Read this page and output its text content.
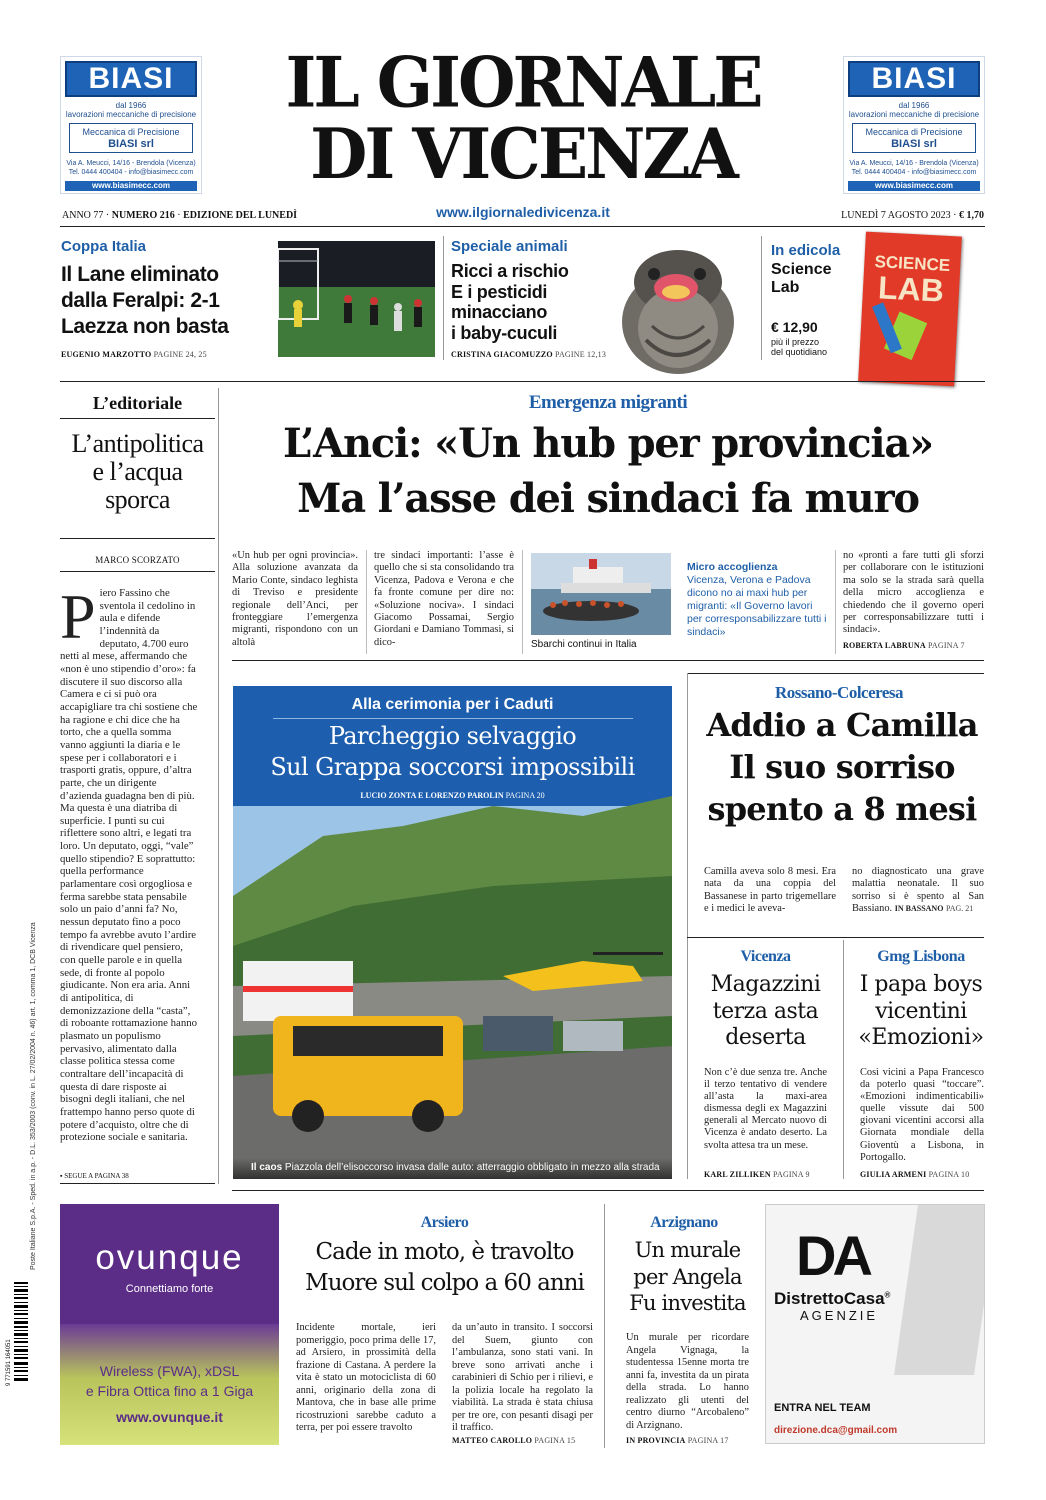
BIASI
dal 1966
lavorazioni meccaniche di precisione
Meccanica di Precisione
BIASI srl
Via A. Meucci, 14/16 - Brendola (Vicenza)
Tel. 0444 400404 - info@biasimecc.com
www.biasimecc.com
BIASI
dal 1966
lavorazioni meccaniche di precisione
Meccanica di Precisione
BIASI srl
Via A. Meucci, 14/16 - Brendola (Vicenza)
Tel. 0444 400404 - info@biasimecc.com
www.biasimecc.com
IL GIORNALE
DI VICENZA
www.ilgiornaledivicenza.it
ANNO 77 · NUMERO 216 · EDIZIONE DEL LUNEDÌ	LUNEDÌ 7 AGOSTO 2023 · € 1,70
Coppa Italia
Il Lane eliminato
dalla Feralpi: 2-1
Laezza non basta
EUGENIO MARZOTTO PAGINE 24, 25
Speciale animali
Ricci a rischio
E i pesticidi
minacciano
i baby-cuculi
CRISTINA GIACOMUZZO PAGINE 12,13
In edicola
Science
Lab
€ 12,90
più il prezzo
del quotidiano
SCIENCE
LAB
L’editoriale
L’antipolitica
e l’acqua
sporca
MARCO SCORZATO
Piero Fassino che sventola il cedolino in aula e difende l’indennità da deputato, 4.700 euro netti al mese, affermando che «non è uno stipendio d’oro»: fa discutere il suo discorso alla Camera e ci si può ora accapigliare tra chi sostiene che ha ragione e chi dice che ha torto, che a quella somma vanno aggiunti la diaria e le spese per i collaboratori e i trasporti gratis, oppure, d’altra parte, che un dirigente d’azienda guadagna ben di più. Ma questa è una diatriba di superficie. I punti su cui riflettere sono altri, e legati tra loro. Un deputato, oggi, “vale” quello stipendio? E soprattutto: quella performance parlamentare così orgogliosa e ferma sarebbe stata pensabile solo un paio d’anni fa? No, nessun deputato fino a poco tempo fa avrebbe avuto l’ardire di rivendicare quel pensiero, con quelle parole e in quella sede, di fronte al popolo giudicante. Non era aria. Anni di antipolitica, di demonizzazione della “casta”, di roboante rottamazione hanno plasmato un populismo pervasivo, alimentato dalla classe politica stessa come contraltare dell’incapacità di questa di dare risposte ai bisogni degli italiani, che nel frattempo hanno perso quote di potere d’acquisto, oltre che di protezione sociale e sanitaria.
▪ SEGUE A PAGINA 38
Poste Italiane S.p.A. - Sped. in a.p. - D.L. 353/2003 (conv. in L. 27/02/2004 n. 46) art. 1, comma 1, DCB Vicenza
9 771591 164051
Emergenza migranti
L’Anci: «Un hub per provincia»
Ma l’asse dei sindaci fa muro
«Un hub per ogni provincia». Alla soluzione avanzata da Mario Conte, sindaco leghista di Treviso e presidente regionale dell’Anci, per fronteggiare l’emergenza migranti, rispondono con un altolà
tre sindaci importanti: l’asse è quello che si sta consolidando tra Vicenza, Padova e Verona e che fa fronte comune per dire no: «Soluzione nociva». I sindaci Giacomo Possamai, Sergio Giordani e Damiano Tommasi, si dico-	Sbarchi continui in Italia
Micro accoglienza
Vicenza, Verona e Padova dicono no ai maxi hub per migranti: «Il Governo lavori per corresponsabilizzare tutti i sindaci»
no «pronti a fare tutti gli sforzi per collaborare con le istituzioni ma solo se la strada sarà quella della micro accoglienza e chiedendo che il governo operi per corresponsabilizzare tutti i sindaci».
ROBERTA LABRUNA PAGINA 7
Alla cerimonia per i Caduti
Parcheggio selvaggio
Sul Grappa soccorsi impossibili
LUCIO ZONTA E LORENZO PAROLIN PAGINA 20
Il caos Piazzola dell’elisoccorso invasa dalle auto: atterraggio obbligato in mezzo alla strada
Rossano-Colceresa
Addio a Camilla
Il suo sorriso
spento a 8 mesi
Camilla aveva solo 8 mesi. Era nata da una coppia del Bassanese in parto trigemellare e i medici le aveva-
no diagnosticato una grave malattia neonatale. Il suo sorriso si è spento al San Bassiano. IN BASSANO PAG. 21
Vicenza
Magazzini
terza asta
deserta
Non c’è due senza tre. Anche il terzo tentativo di vendere all’asta la maxi-area dismessa degli ex Magazzini generali al Mercato nuovo di Vicenza è andato deserto. La svolta attesa tra un mese.
KARL ZILLIKEN PAGINA 9
Gmg Lisbona
I papa boys
vicentini
«Emozioni»
Così vicini a Papa Francesco da poterlo quasi “toccare”. «Emozioni indimenticabili» quelle vissute dai 500 giovani vicentini accorsi alla Giornata mondiale della Gioventù a Lisbona, in Portogallo.
GIULIA ARMENI PAGINA 10
ovunque
Connettiamo forte
Wireless (FWA), xDSL
e Fibra Ottica fino a 1 Giga
www.ovunque.it
Arsiero
Cade in moto, è travolto
Muore sul colpo a 60 anni
Incidente mortale, ieri pomeriggio, poco prima delle 17, ad Arsiero, in prossimità della frazione di Castana. A perdere la vita è stato un motociclista di 60 anni, originario della zona di Mantova, che in base alle prime ricostruzioni sarebbe caduto a terra, per poi essere travolto
da un’auto in transito. I soccorsi del Suem, giunto con l’ambulanza, sono stati vani. In breve sono arrivati anche i carabinieri di Schio per i rilievi, e la polizia locale ha regolato la viabilità. La strada è stata chiusa per tre ore, con pesanti disagi per il traffico.
MATTEO CAROLLO PAGINA 15
Arzignano
Un murale
per Angela
Fu investita
Un murale per ricordare Angela Vignaga, la studentessa 15enne morta tre anni fa, investita da un pirata della strada. Lo hanno realizzato gli utenti del centro diurno “Arcobaleno” di Arzignano.
IN PROVINCIA PAGINA 17
DA
DistrettoCasa®
AGENZIE
ENTRA NEL TEAM
direzione.dca@gmail.com
